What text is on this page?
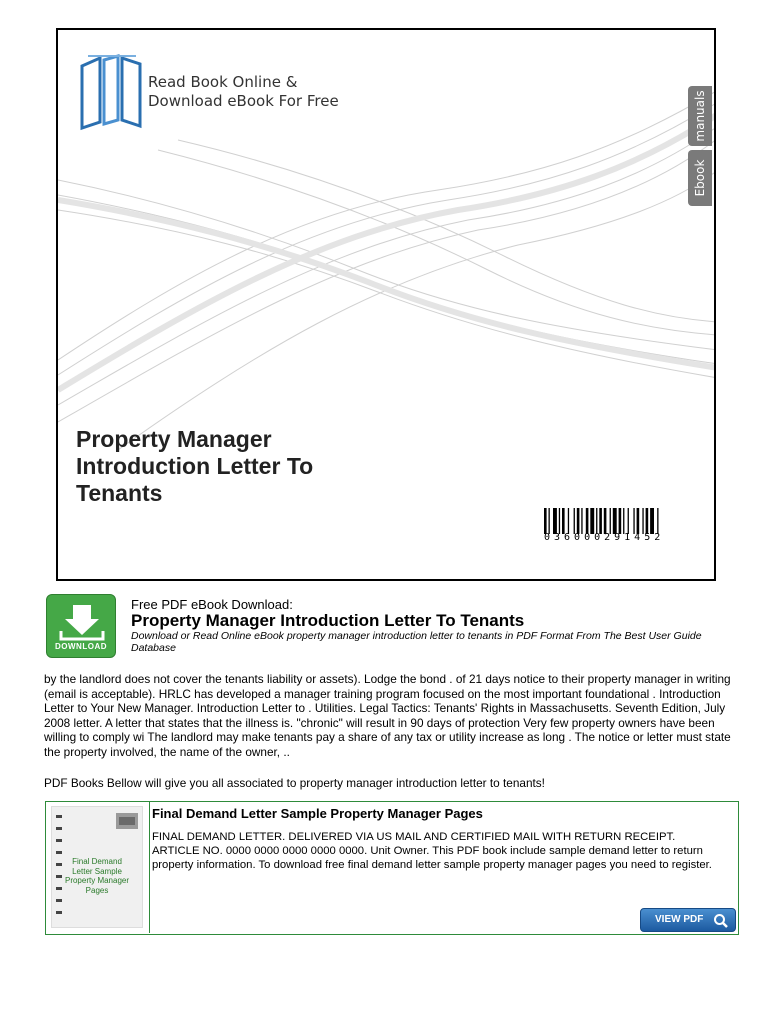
Read Book Online &
Download eBook For Free	manuals
Ebook
Property Manager
Introduction Letter To
Tenants
036000291452
DOWNLOAD
Free PDF eBook Download:
Property Manager Introduction Letter To Tenants
Download or Read Online eBook property manager introduction letter to tenants in PDF Format From The Best User Guide Database
by the landlord does not cover the tenants liability or assets). Lodge the bond . of 21 days notice to their property manager in writing (email is acceptable). HRLC has developed a manager training program focused on the most important foundational . Introduction Letter to Your New Manager. Introduction Letter to . Utilities. Legal Tactics: Tenants' Rights in Massachusetts. Seventh Edition, July 2008 letter. A letter that states that the illness is. "chronic" will result in 90 days of protection Very few property owners have been willing to comply wi The landlord may make tenants pay a share of any tax or utility increase as long . The notice or letter must state the property involved, the name of the owner, ..
PDF Books Bellow will give you all associated to property manager introduction letter to tenants!
Final Demand
Letter Sample
Property Manager
Pages
Final Demand Letter Sample Property Manager Pages
FINAL DEMAND LETTER. DELIVERED VIA US MAIL AND CERTIFIED MAIL WITH RETURN RECEIPT. ARTICLE NO. 0000 0000 0000 0000 0000. Unit Owner. This PDF book include sample demand letter to return property information. To download free final demand letter sample property manager pages you need to register.
VIEW PDF
